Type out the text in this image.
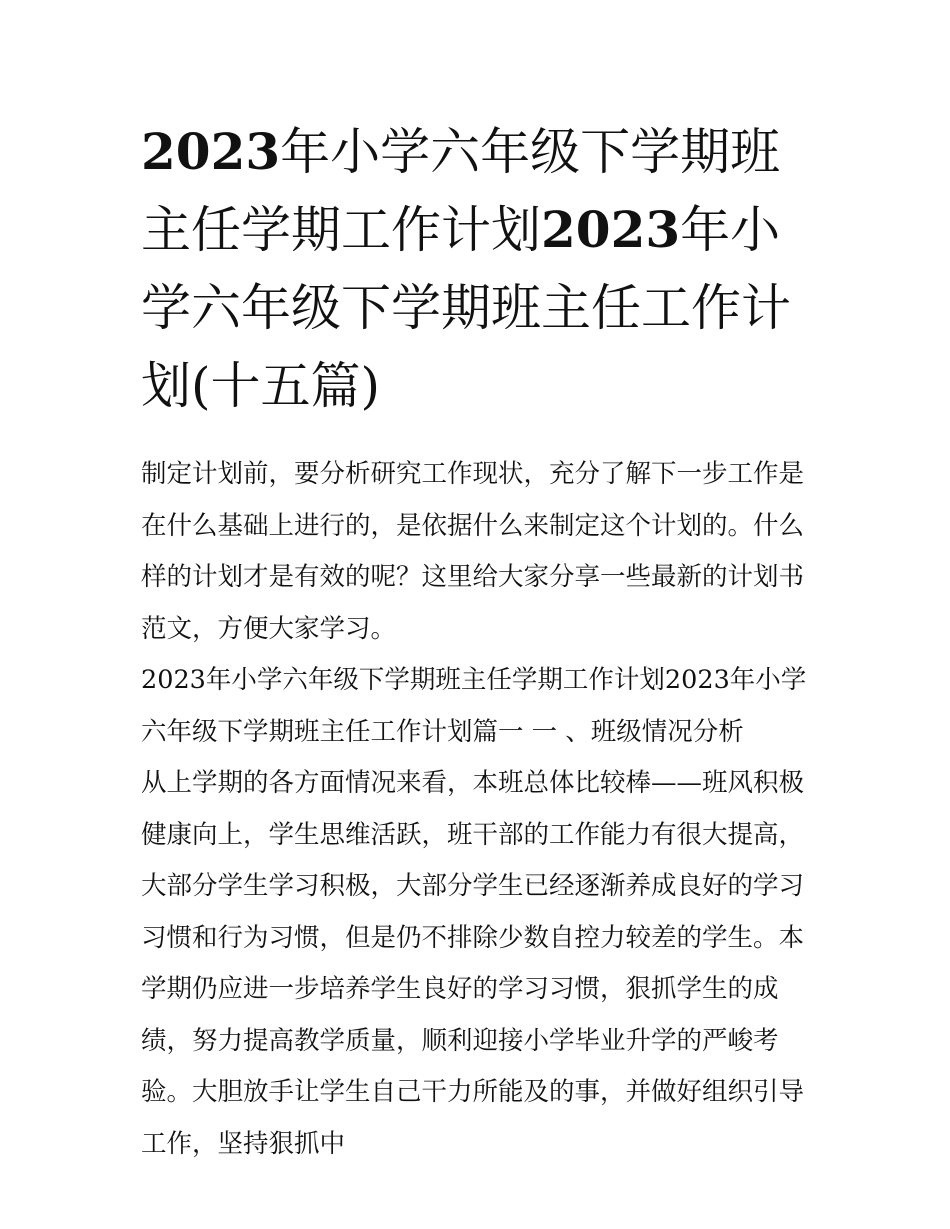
2023年小学六年级下学期班主任学期工作计划2023年小学六年级下学期班主任工作计划(十五篇)

制定计划前，要分析研究工作现状，充分了解下一步工作是在什么基础上进行的，是依据什么来制定这个计划的。什么样的计划才是有效的呢？这里给大家分享一些最新的计划书范文，方便大家学习。

2023年小学六年级下学期班主任学期工作计划2023年小学六年级下学期班主任工作计划篇一 一 、班级情况分析

从上学期的各方面情况来看，本班总体比较棒——班风积极健康向上，学生思维活跃，班干部的工作能力有很大提高，大部分学生学习积极，大部分学生已经逐渐养成良好的学习习惯和行为习惯，但是仍不排除少数自控力较差的学生。本学期仍应进一步培养学生良好的学习习惯，狠抓学生的成绩，努力提高教学质量，顺利迎接小学毕业升学的严峻考验。大胆放手让学生自己干力所能及的事，并做好组织引导工作，坚持狠抓中
